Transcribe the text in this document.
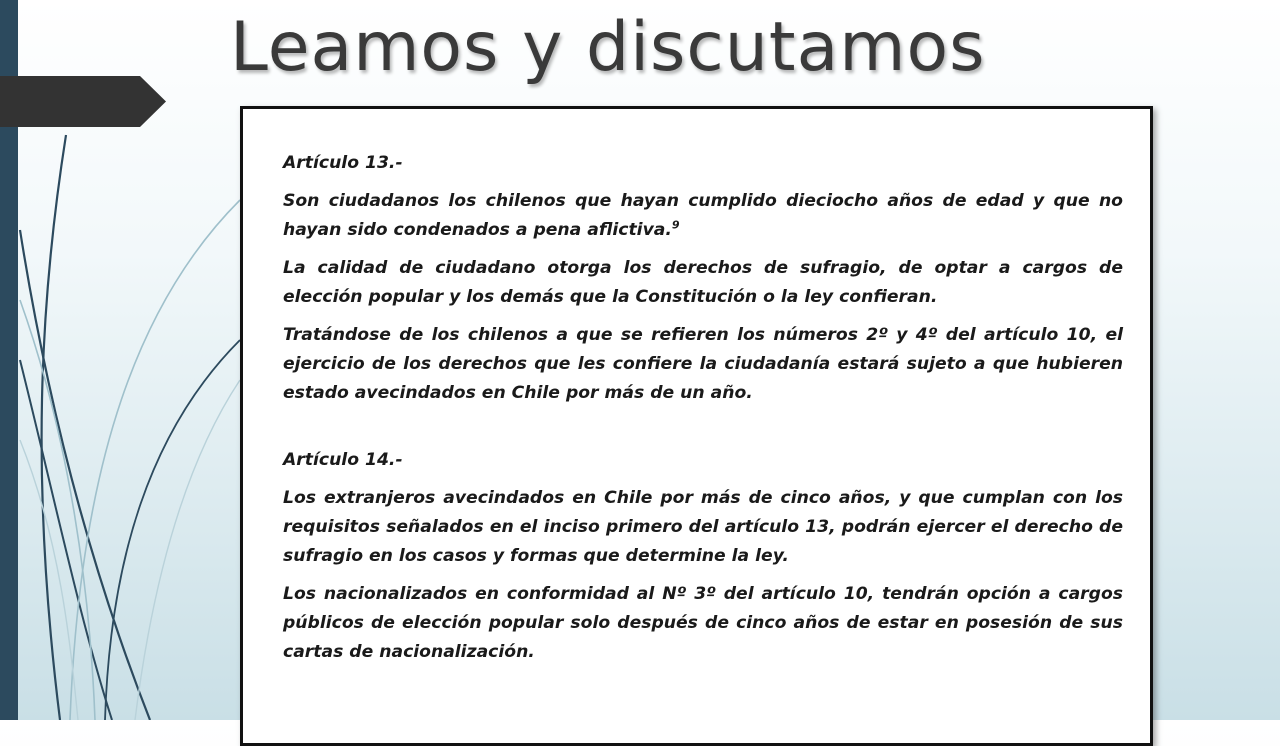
Leamos y discutamos

Artículo 13.-

Son ciudadanos los chilenos que hayan cumplido dieciocho años de edad y que no hayan sido condenados a pena aflictiva.$^9$

La calidad de ciudadano otorga los derechos de sufragio, de optar a cargos de elección popular y los demás que la Constitución o la ley confieran.

Tratándose de los chilenos a que se refieren los números 2º y 4º del artículo 10, el ejercicio de los derechos que les confiere la ciudadanía estará sujeto a que hubieren estado avecindados en Chile por más de un año.

Artículo 14.-

Los extranjeros avecindados en Chile por más de cinco años, y que cumplan con los requisitos señalados en el inciso primero del artículo 13, podrán ejercer el derecho de sufragio en los casos y formas que determine la ley.

Los nacionalizados en conformidad al Nº 3º del artículo 10, tendrán opción a cargos públicos de elección popular solo después de cinco años de estar en posesión de sus cartas de nacionalización.
